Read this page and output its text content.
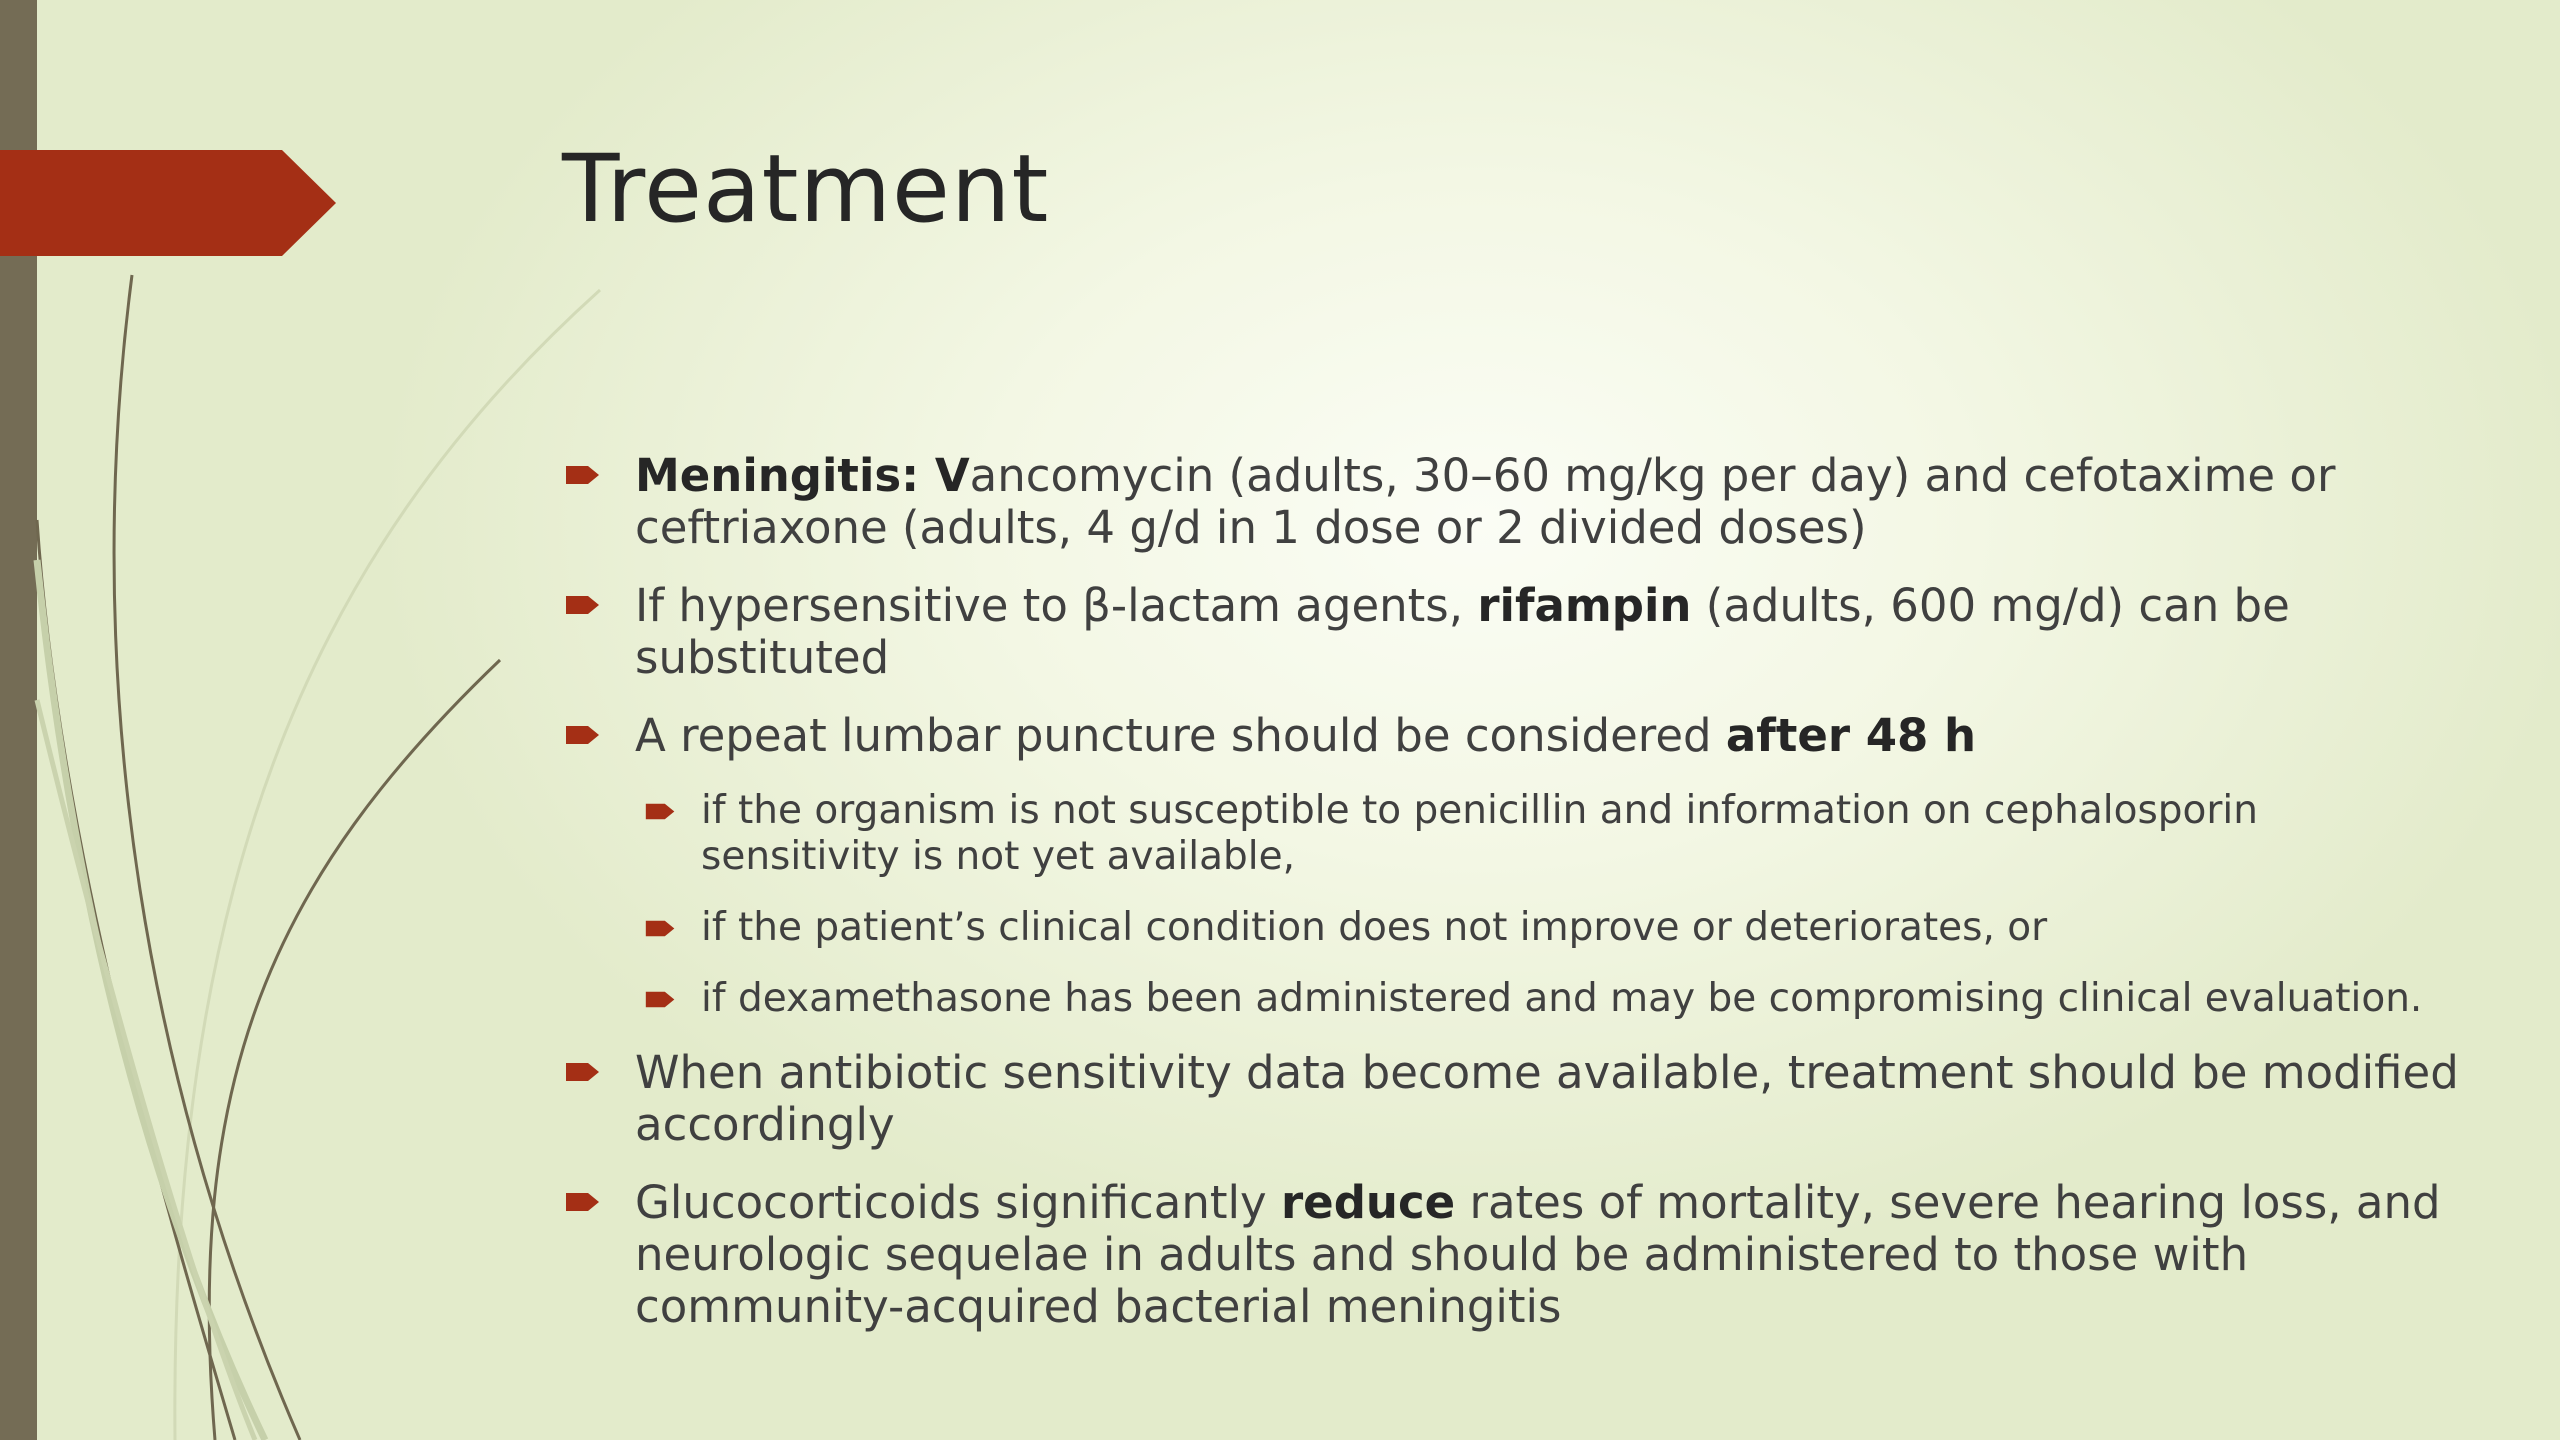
Treatment
Meningitis: Vancomycin (adults, 30–60 mg/kg per day) and cefotaxime or ceftriaxone (adults, 4 g/d in 1 dose or 2 divided doses)
If hypersensitive to β-lactam agents, rifampin (adults, 600 mg/d) can be substituted
A repeat lumbar puncture should be considered after 48 h
if the organism is not susceptible to penicillin and information on cephalosporin sensitivity is not yet available,
if the patient’s clinical condition does not improve or deteriorates, or
if dexamethasone has been administered and may be compromising clinical evaluation.
When antibiotic sensitivity data become available, treatment should be modified accordingly
Glucocorticoids significantly reduce rates of mortality, severe hearing loss, and neurologic sequelae in adults and should be administered to those with community-acquired bacterial meningitis
